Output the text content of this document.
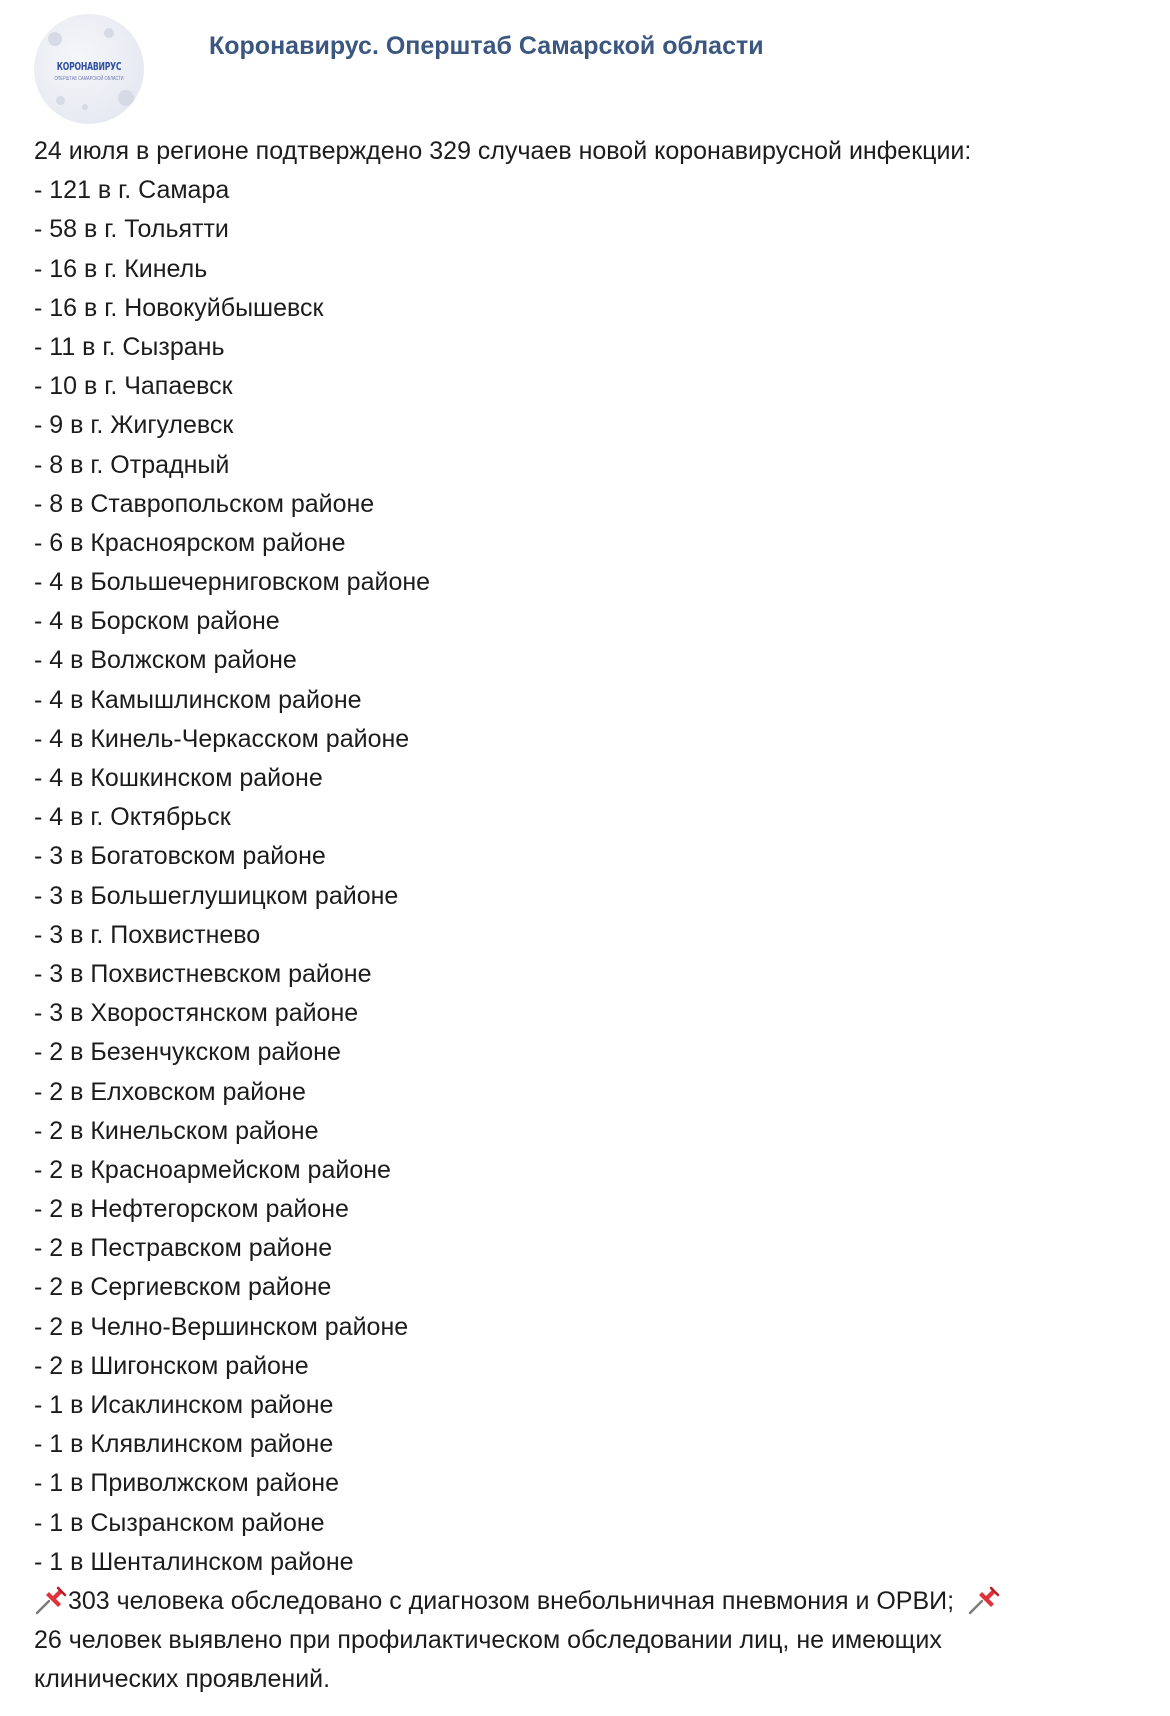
КОРОНАВИРУС
ОПЕРШТАБ САМАРСКОЙ ОБЛАСТИ
Коронавирус. Оперштаб Самарской области
24 июля в регионе подтверждено 329 случаев новой коронавирусной инфекции:
- 121 в г. Самара
- 58 в г. Тольятти
- 16 в г. Кинель
- 16 в г. Новокуйбышевск
- 11 в г. Сызрань
- 10 в г. Чапаевск
- 9 в г. Жигулевск
- 8 в г. Отрадный
- 8 в Ставропольском районе
- 6 в Красноярском районе
- 4 в Большечерниговском районе
- 4 в Борском районе
- 4 в Волжском районе
- 4 в Камышлинском районе
- 4 в Кинель-Черкасском районе
- 4 в Кошкинском районе
- 4 в г. Октябрьск
- 3 в Богатовском районе
- 3 в Большеглушицком районе
- 3 в г. Похвистнево
- 3 в Похвистневском районе
- 3 в Хворостянском районе
- 2 в Безенчукском районе
- 2 в Елховском районе
- 2 в Кинельском районе
- 2 в Красноармейском районе
- 2 в Нефтегорском районе
- 2 в Пестравском районе
- 2 в Сергиевском районе
- 2 в Челно-Вершинском районе
- 2 в Шигонском районе
- 1 в Исаклинском районе
- 1 в Клявлинском районе
- 1 в Приволжском районе
- 1 в Сызранском районе
- 1 в Шенталинском районе
303 человека обследовано с диагнозом внебольничная пневмония и ОРВИ;
26 человек выявлено при профилактическом обследовании лиц, не имеющих
клинических проявлений.
